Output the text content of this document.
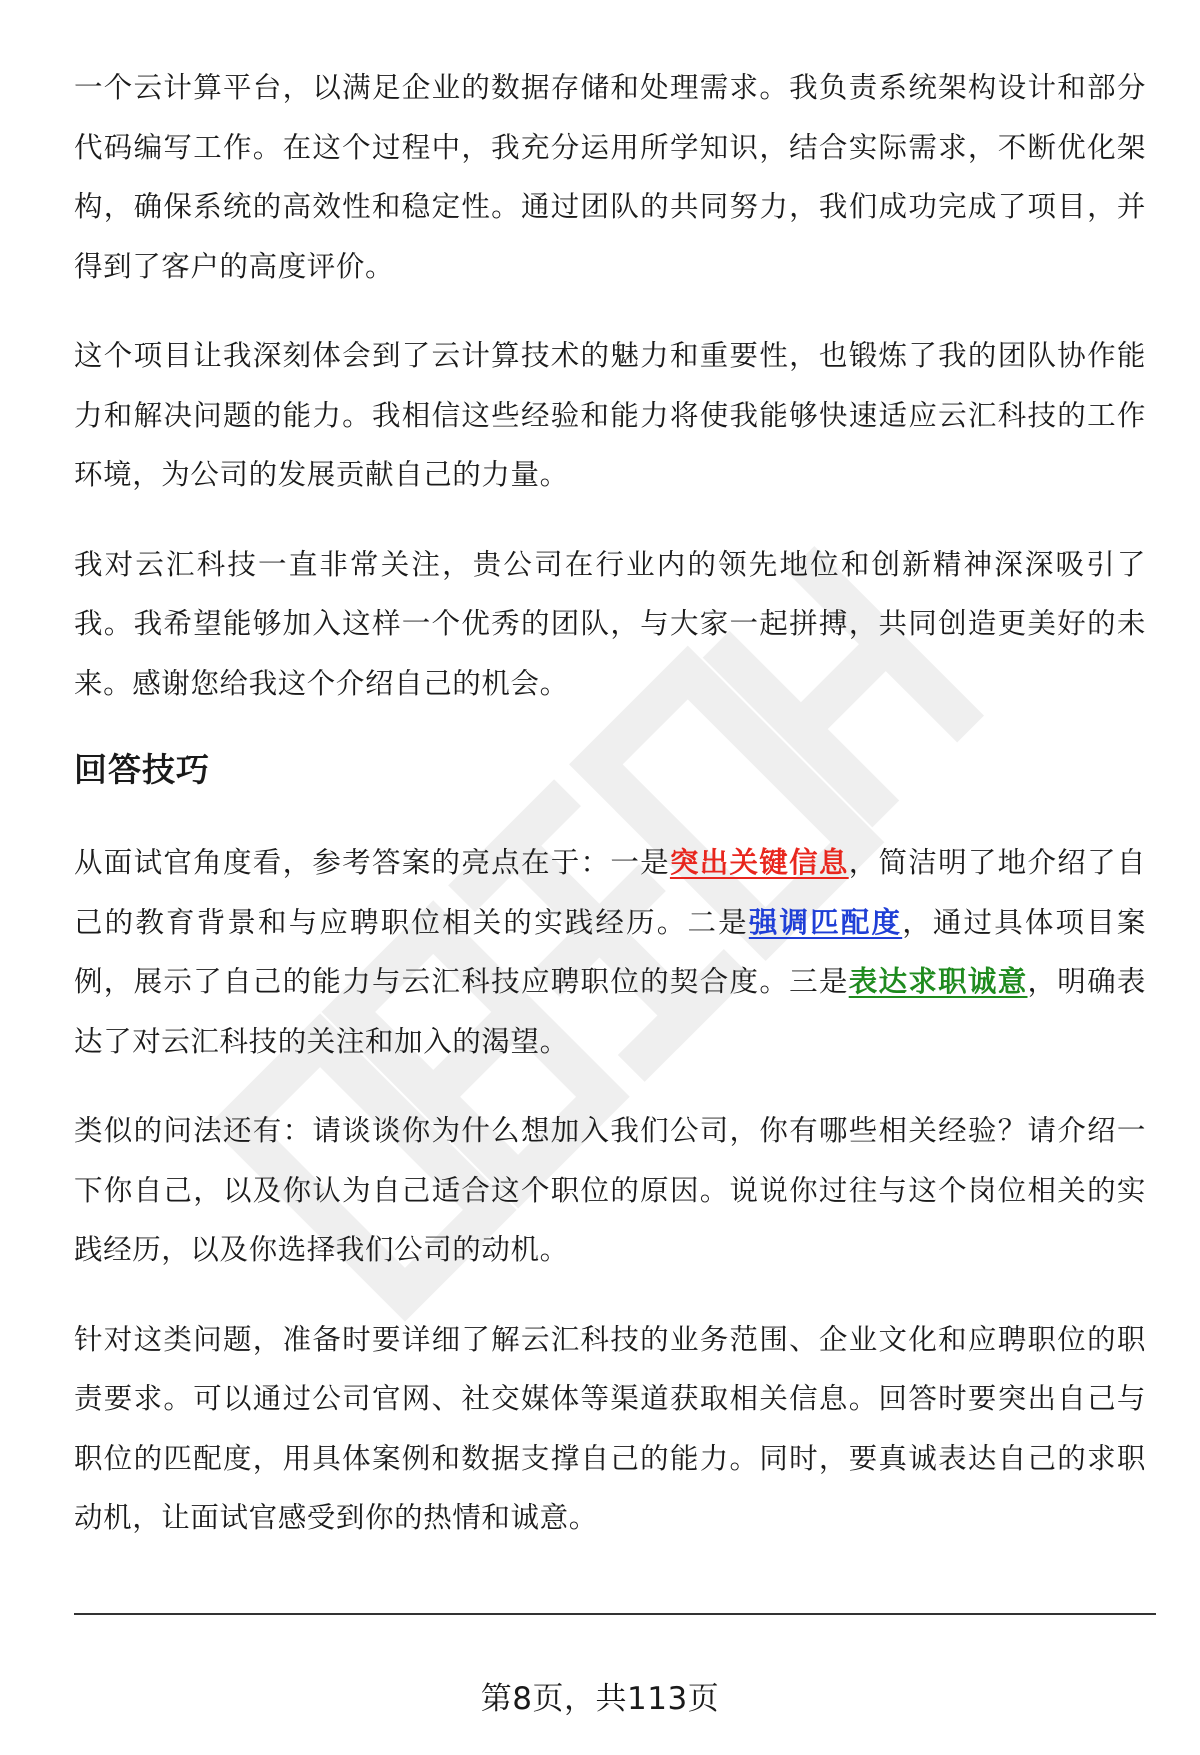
一个云计算平台，以满足企业的数据存储和处理需求。我负责系统架构设计和部分代码编写工作。在这个过程中，我充分运用所学知识，结合实际需求，不断优化架构，确保系统的高效性和稳定性。通过团队的共同努力，我们成功完成了项目，并得到了客户的高度评价。

这个项目让我深刻体会到了云计算技术的魅力和重要性，也锻炼了我的团队协作能力和解决问题的能力。我相信这些经验和能力将使我能够快速适应云汇科技的工作环境，为公司的发展贡献自己的力量。

我对云汇科技一直非常关注，贵公司在行业内的领先地位和创新精神深深吸引了我。我希望能够加入这样一个优秀的团队，与大家一起拼搏，共同创造更美好的未来。感谢您给我这个介绍自己的机会。

回答技巧

从面试官角度看，参考答案的亮点在于：一是突出关键信息，简洁明了地介绍了自己的教育背景和与应聘职位相关的实践经历。二是强调匹配度，通过具体项目案例，展示了自己的能力与云汇科技应聘职位的契合度。三是表达求职诚意，明确表达了对云汇科技的关注和加入的渴望。

类似的问法还有：请谈谈你为什么想加入我们公司，你有哪些相关经验？请介绍一下你自己，以及你认为自己适合这个职位的原因。说说你过往与这个岗位相关的实践经历，以及你选择我们公司的动机。

针对这类问题，准备时要详细了解云汇科技的业务范围、企业文化和应聘职位的职责要求。可以通过公司官网、社交媒体等渠道获取相关信息。回答时要突出自己与职位的匹配度，用具体案例和数据支撑自己的能力。同时，要真诚表达自己的求职动机，让面试官感受到你的热情和诚意。

第8页，共113页
